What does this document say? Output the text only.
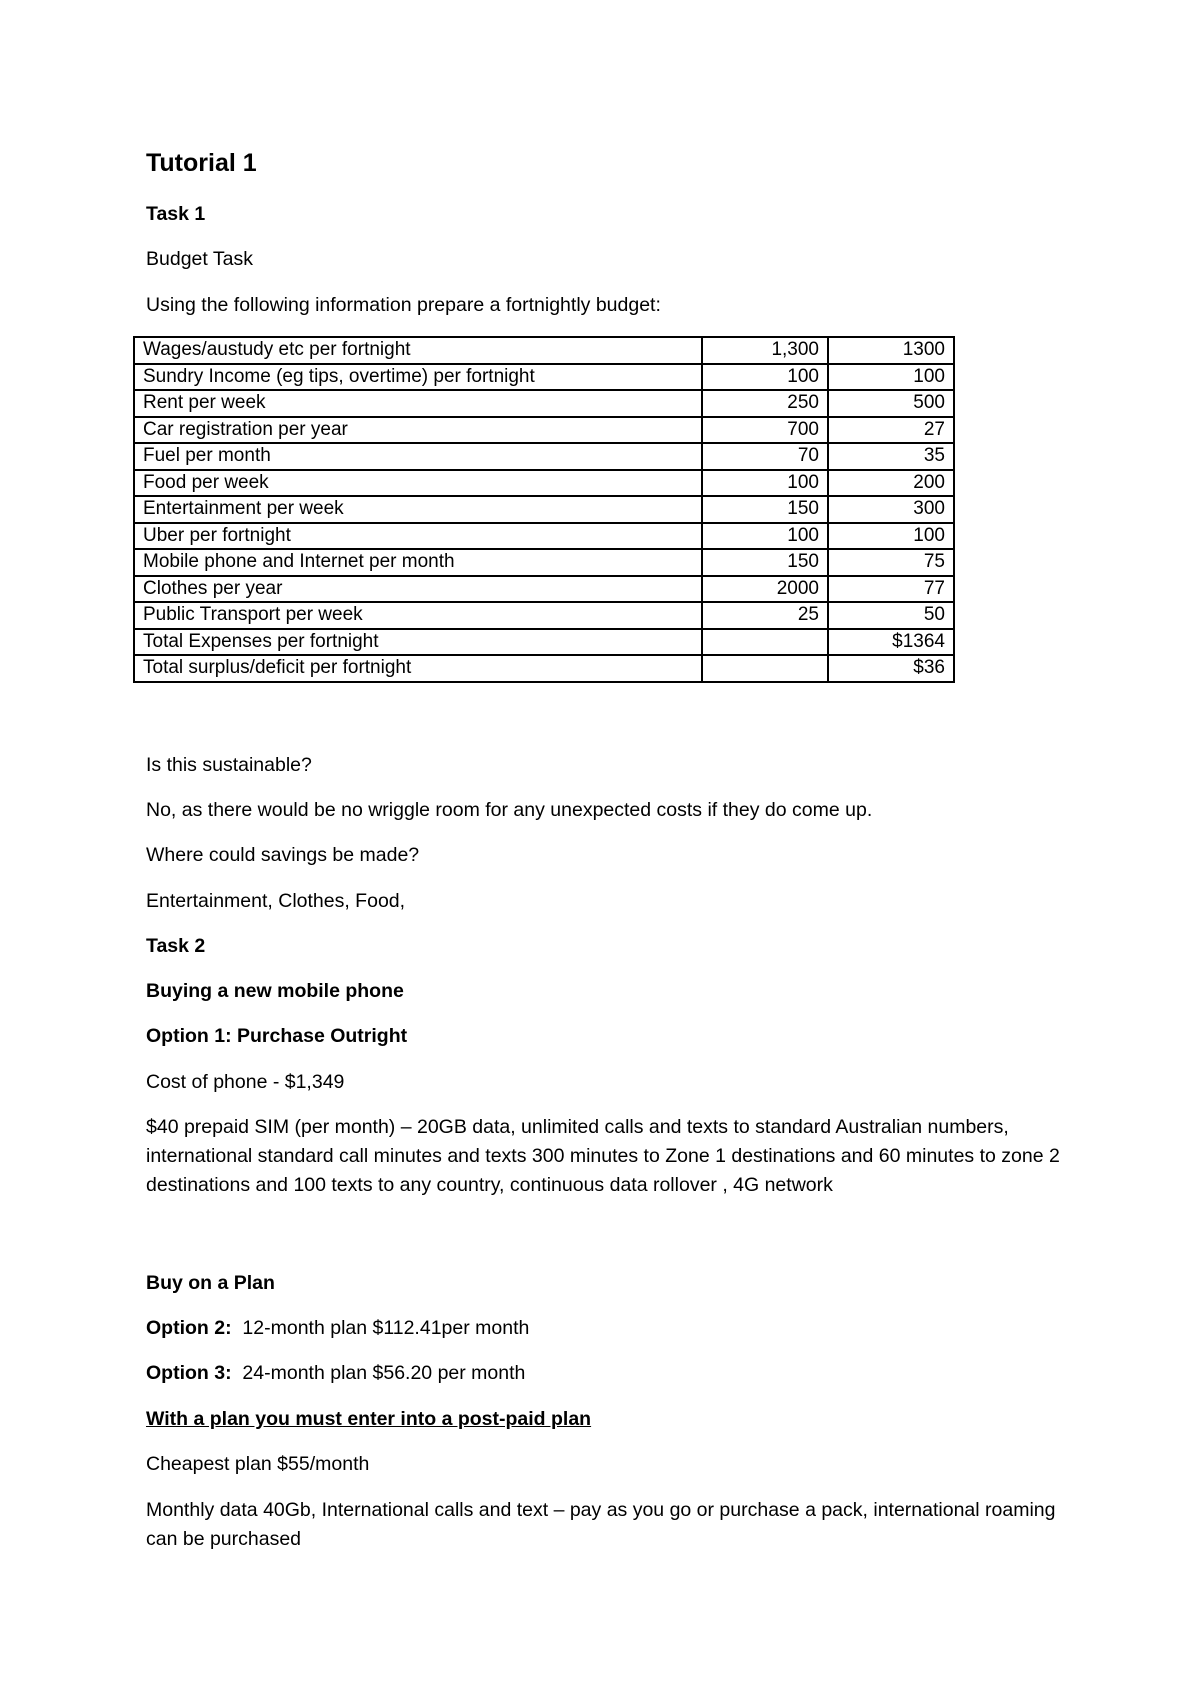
Tutorial 1
Task 1
Budget Task
Using the following information prepare a fortnightly budget:
Wages/austudy etc per fortnight	1,300	1300
Sundry Income (eg tips, overtime) per fortnight	100	100
Rent per week	250	500
Car registration per year	700	27
Fuel per month	70	35
Food per week	100	200
Entertainment per week	150	300
Uber per fortnight	100	100
Mobile phone and Internet per month	150	75
Clothes per year	2000	77
Public Transport per week	25	50
Total Expenses per fortnight		$1364
Total surplus/deficit per fortnight		$36
Is this sustainable?
No, as there would be no wriggle room for any unexpected costs if they do come up.
Where could savings be made?
Entertainment, Clothes, Food,
Task 2
Buying a new mobile phone
Option 1: Purchase Outright
Cost of phone - $1,349
$40 prepaid SIM (per month) – 20GB data, unlimited calls and texts to standard Australian numbers, international standard call minutes and texts 300 minutes to Zone 1 destinations and 60 minutes to zone 2 destinations and 100 texts to any country, continuous data rollover , 4G network
Buy on a Plan
Option 2: 12-month plan $112.41per month
Option 3: 24-month plan $56.20 per month
With a plan you must enter into a post-paid plan
Cheapest plan $55/month
Monthly data 40Gb, International calls and text – pay as you go or purchase a pack, international roaming can be purchased
